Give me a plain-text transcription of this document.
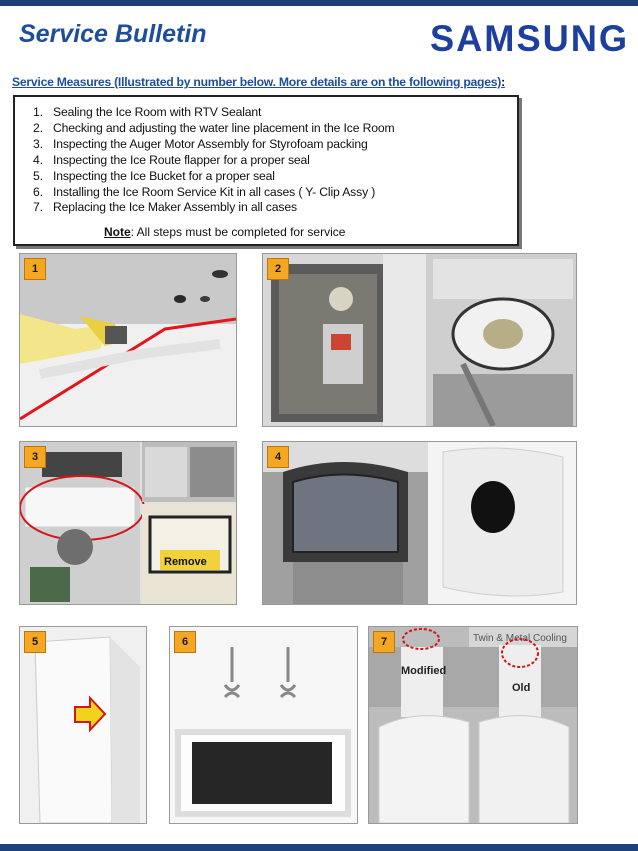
Service Bulletin	SAMSUNG
Service Measures (Illustrated by number below. More details are on the following pages):
1. Sealing the Ice Room with RTV Sealant
2. Checking and adjusting the water line placement in the Ice Room
3. Inspecting the Auger Motor Assembly for Styrofoam packing
4. Inspecting the Ice Route flapper for a proper seal
5. Inspecting the Ice Bucket for a proper seal
6. Installing the Ice Room Service Kit in all cases ( Y- Clip Assy )
7. Replacing the Ice Maker Assembly in all cases
Note: All steps must be completed for service
1	2
3
Remove
4
5	6	7	Twin & Metal Cooling
Modified
Old
